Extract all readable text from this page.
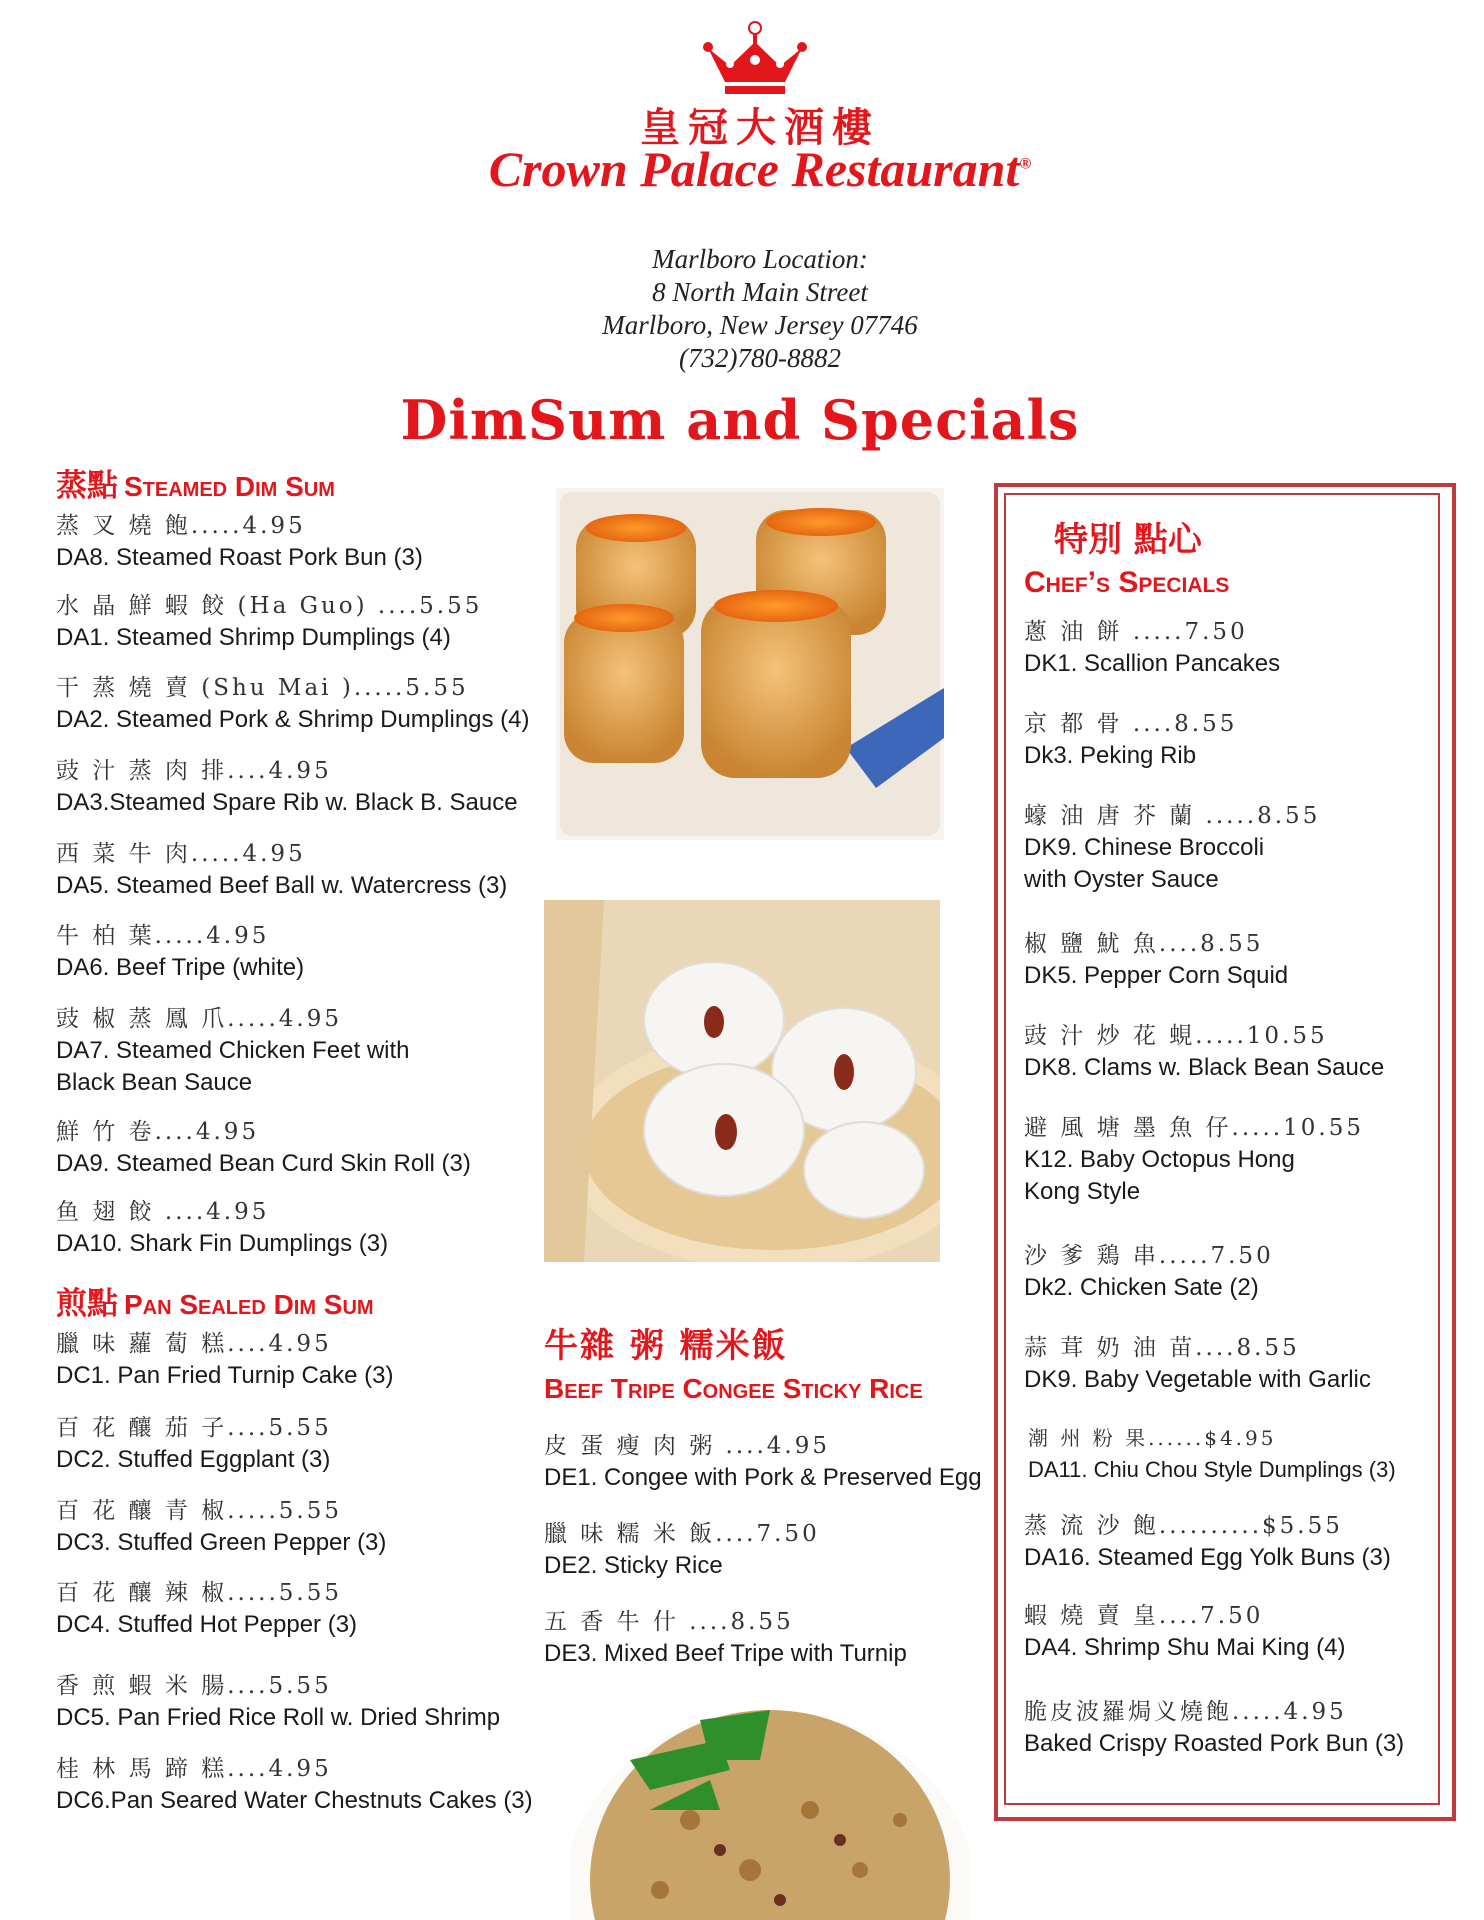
皇冠大酒樓
Crown Palace Restaurant®
Marlboro Location:
8 North Main Street
Marlboro, New Jersey 07746
(732)780-8882
DimSum and Specials
蒸點 Steamed Dim Sum
蒸 叉 燒 飽.....4.95
DA8. Steamed Roast Pork Bun (3)
水 晶 鮮 蝦 餃 (Ha Guo) ....5.55
DA1. Steamed Shrimp Dumplings (4)
干 蒸 燒 賣 (Shu Mai ).....5.55
DA2. Steamed Pork & Shrimp Dumplings (4)
豉 汁 蒸 肉 排....4.95
DA3.Steamed Spare Rib w. Black B. Sauce
西 菜 牛 肉.....4.95
DA5. Steamed Beef Ball w. Watercress (3)
牛 柏 葉.....4.95
DA6. Beef Tripe (white)
豉 椒 蒸 鳳 爪.....4.95
DA7. Steamed Chicken Feet with
Black Bean Sauce
鮮 竹 卷....4.95
DA9. Steamed Bean Curd Skin Roll (3)
鱼 翅 餃 ....4.95
DA10. Shark Fin Dumplings (3)
煎點 Pan Sealed Dim Sum
臘 味 蘿 蔔 糕....4.95
DC1. Pan Fried Turnip Cake (3)
百 花 釀 茄 子....5.55
DC2. Stuffed Eggplant (3)
百 花 釀 青 椒.....5.55
DC3. Stuffed Green Pepper (3)
百 花 釀 辣 椒.....5.55
DC4. Stuffed Hot Pepper (3)
香 煎 蝦 米 腸....5.55
DC5. Pan Fried Rice Roll w. Dried Shrimp
桂 林 馬 蹄 糕....4.95
DC6.Pan Seared Water Chestnuts Cakes (3)
牛雜 粥 糯米飯
Beef Tripe Congee Sticky Rice
皮 蛋 瘦 肉 粥 ....4.95
DE1. Congee with Pork & Preserved Egg
臘 味 糯 米 飯....7.50
DE2. Sticky Rice
五 香 牛 什 ....8.55
DE3. Mixed Beef Tripe with Turnip
特別 點心
Chef’s Specials
蔥 油 餅 .....7.50
DK1. Scallion Pancakes
京 都 骨 ....8.55
Dk3. Peking Rib
蠔 油 唐 芥 蘭 .....8.55
DK9. Chinese Broccoli
with Oyster Sauce
椒 鹽 魷 魚....8.55
DK5. Pepper Corn Squid
豉 汁 炒 花 蜆.....10.55
DK8. Clams w. Black Bean Sauce
避 風 塘 墨 魚 仔.....10.55
K12. Baby Octopus Hong
Kong Style
沙 爹 鶏 串.....7.50
Dk2. Chicken Sate (2)
蒜 茸 奶 油 苗....8.55
DK9. Baby Vegetable with Garlic
潮 州 粉 果......$4.95
DA11. Chiu Chou Style Dumplings (3)
蒸 流 沙 飽..........$5.55
DA16. Steamed Egg Yolk Buns (3)
蝦 燒 賣 皇....7.50
DA4. Shrimp Shu Mai King (4)
脆皮波羅焗义燒飽.....4.95
Baked Crispy Roasted Pork Bun (3)
